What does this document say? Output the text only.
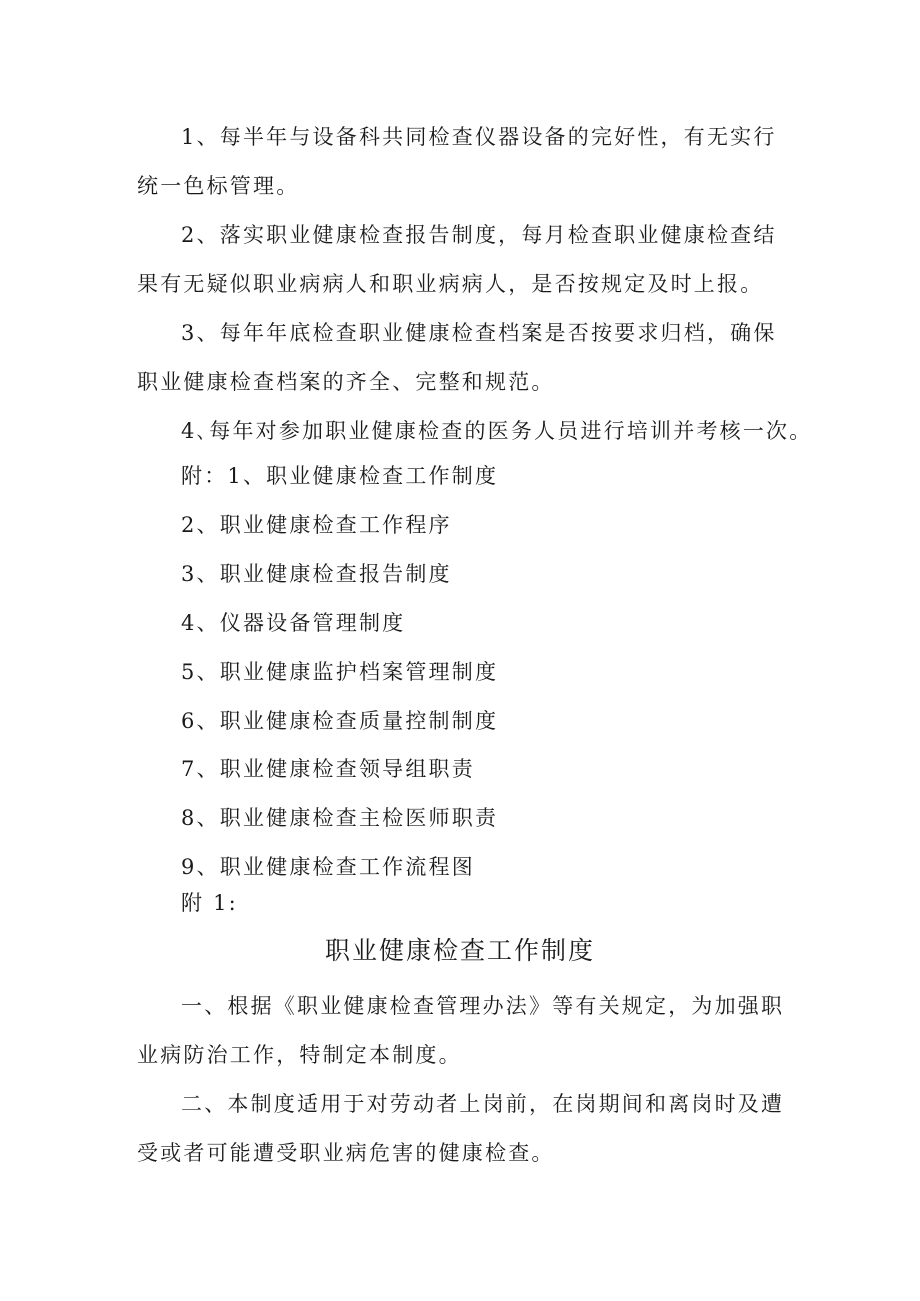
1、每半年与设备科共同检查仪器设备的完好性，有无实行统一色标管理。

2、落实职业健康检查报告制度，每月检查职业健康检查结果有无疑似职业病病人和职业病病人，是否按规定及时上报。

3、每年年底检查职业健康检查档案是否按要求归档，确保职业健康检查档案的齐全、完整和规范。

4､每年对参加职业健康检查的医务人员进行培训并考核一次。

附：1、职业健康检查工作制度

2、职业健康检查工作程序

3、职业健康检查报告制度

4、仪器设备管理制度

5、职业健康监护档案管理制度

6、职业健康检查质量控制制度

7、职业健康检查领导组职责

8、职业健康检查主检医师职责

9、职业健康检查工作流程图

附 1:

职业健康检查工作制度

一、根据《职业健康检查管理办法》等有关规定，为加强职业病防治工作，特制定本制度。

二、本制度适用于对劳动者上岗前，在岗期间和离岗时及遭受或者可能遭受职业病危害的健康检查。
